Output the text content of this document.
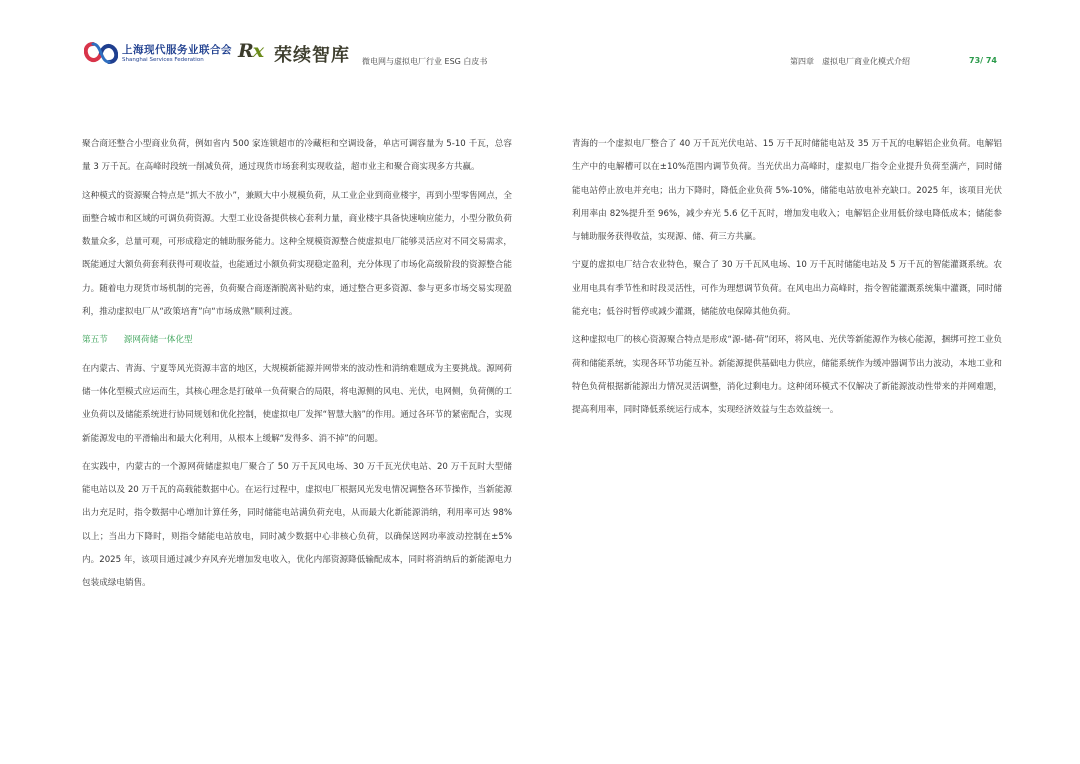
上海现代服务业联合会
Shanghai Services Federation Rx 荣续智库 微电网与虚拟电厂行业 ESG 白皮书	第四章　虚拟电厂商业化模式介绍	73/ 74

聚合商还整合小型商业负荷，例如省内 500 家连锁超市的冷藏柜和空调设备，单店可调容量为 5-10 千瓦，总容量 3 万千瓦。在高峰时段统一削减负荷，通过现货市场套利实现收益，超市业主和聚合商实现多方共赢。

这种模式的资源聚合特点是“抓大不放小”，兼顾大中小规模负荷，从工业企业到商业楼宇，再到小型零售网点，全面整合城市和区域的可调负荷资源。大型工业设备提供核心套利力量，商业楼宇具备快速响应能力，小型分散负荷数量众多，总量可观，可形成稳定的辅助服务能力。这种全规模资源整合使虚拟电厂能够灵活应对不同交易需求，既能通过大额负荷套利获得可观收益，也能通过小额负荷实现稳定盈利，充分体现了市场化高级阶段的资源整合能力。随着电力现货市场机制的完善，负荷聚合商逐渐脱离补贴约束，通过整合更多资源、参与更多市场交易实现盈利，推动虚拟电厂从“政策培育”向“市场成熟”顺利过渡。

第五节 源网荷储一体化型

在内蒙古、青海、宁夏等风光资源丰富的地区，大规模新能源并网带来的波动性和消纳难题成为主要挑战。源网荷储一体化型模式应运而生，其核心理念是打破单一负荷聚合的局限，将电源侧的风电、光伏，电网侧，负荷侧的工业负荷以及储能系统进行协同规划和优化控制，使虚拟电厂发挥“智慧大脑”的作用。通过各环节的紧密配合，实现新能源发电的平滑输出和最大化利用，从根本上缓解“发得多、消不掉”的问题。

在实践中，内蒙古的一个源网荷储虚拟电厂聚合了 50 万千瓦风电场、30 万千瓦光伏电站、20 万千瓦时大型储能电站以及 20 万千瓦的高载能数据中心。在运行过程中，虚拟电厂根据风光发电情况调整各环节操作，当新能源出力充足时，指令数据中心增加计算任务，同时储能电站满负荷充电，从而最大化新能源消纳，利用率可达 98%以上；当出力下降时，则指令储能电站放电，同时减少数据中心非核心负荷，以确保送网功率波动控制在±5%内。2025 年，该项目通过减少弃风弃光增加发电收入，优化内部资源降低输配成本，同时将消纳后的新能源电力包装成绿电销售。

青海的一个虚拟电厂整合了 40 万千瓦光伏电站、15 万千瓦时储能电站及 35 万千瓦的电解铝企业负荷。电解铝生产中的电解槽可以在±10%范围内调节负荷。当光伏出力高峰时，虚拟电厂指令企业提升负荷至满产，同时储能电站停止放电并充电；出力下降时，降低企业负荷 5%-10%，储能电站放电补充缺口。2025 年，该项目光伏利用率由 82%提升至 96%，减少弃光 5.6 亿千瓦时，增加发电收入；电解铝企业用低价绿电降低成本；储能参与辅助服务获得收益，实现源、储、荷三方共赢。

宁夏的虚拟电厂结合农业特色，聚合了 30 万千瓦风电场、10 万千瓦时储能电站及 5 万千瓦的智能灌溉系统。农业用电具有季节性和时段灵活性，可作为理想调节负荷。在风电出力高峰时，指令智能灌溉系统集中灌溉，同时储能充电；低谷时暂停或减少灌溉，储能放电保障其他负荷。

这种虚拟电厂的核心资源聚合特点是形成“源-储-荷”闭环，将风电、光伏等新能源作为核心能源，捆绑可控工业负荷和储能系统，实现各环节功能互补。新能源提供基础电力供应，储能系统作为缓冲器调节出力波动，本地工业和特色负荷根据新能源出力情况灵活调整，消化过剩电力。这种闭环模式不仅解决了新能源波动性带来的并网难题，提高利用率，同时降低系统运行成本，实现经济效益与生态效益统一。
